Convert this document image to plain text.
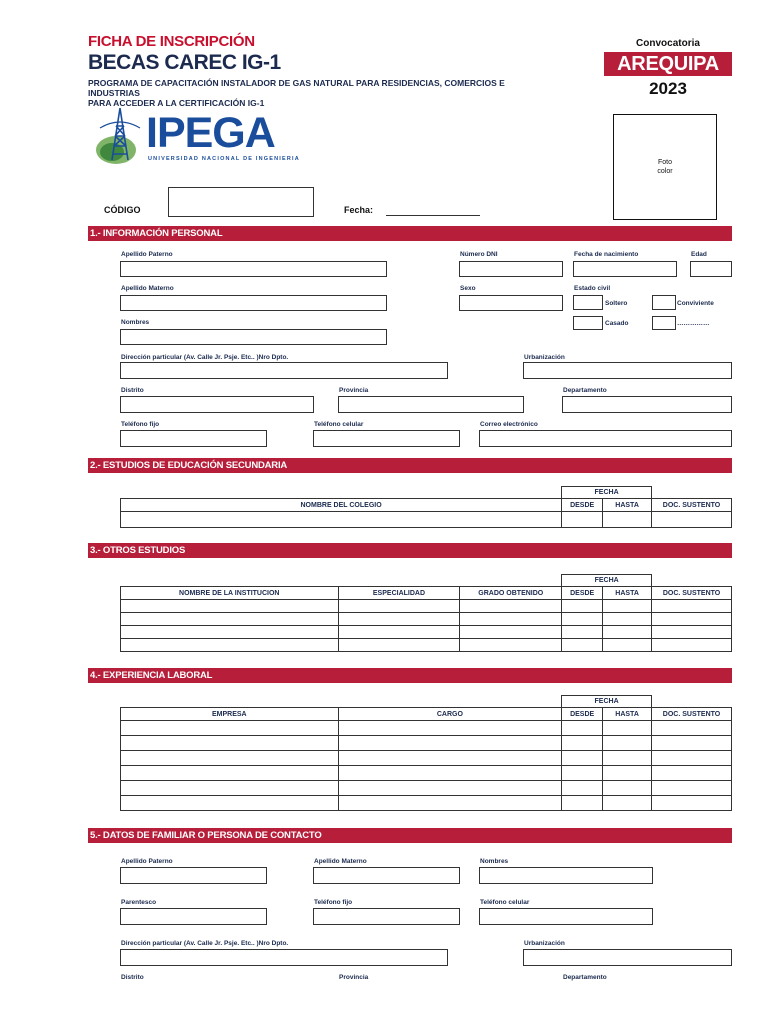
FICHA DE INSCRIPCIÓN
BECAS CAREC IG-1
PROGRAMA DE CAPACITACIÓN INSTALADOR DE GAS NATURAL PARA RESIDENCIAS, COMERCIOS E INDUSTRIAS
PARA ACCEDER A LA CERTIFICACIÓN IG-1
Convocatoria
AREQUIPA
2023
Foto
color
IPEGA
UNIVERSIDAD NACIONAL DE INGENIERIA
CÓDIGO	Fecha:
1.- INFORMACIÓN PERSONAL
Apellido Paterno	Número DNI	Fecha de nacimiento	Edad
Apellido Materno	Sexo	Estado civil
Soltero	Conviviente
Nombres	Casado	……………
Dirección particular (Av. Calle Jr. Psje. Etc.. )Nro Dpto.	Urbanización
Distrito	Provincia	Departamento
Teléfono fijo	Teléfono celular	Correo electrónico
2.- ESTUDIOS DE EDUCACIÓN SECUNDARIA
	FECHA		
NOMBRE DEL COLEGIO	DESDE	HASTA	DOC. SUSTENTO

3.- OTROS ESTUDIOS
			FECHA		
NOMBRE DE LA INSTITUCION	ESPECIALIDAD	GRADO OBTENIDO	DESDE	HASTA	DOC. SUSTENTO

4.- EXPERIENCIA LABORAL
		FECHA		
EMPRESA	CARGO	DESDE	HASTA	DOC. SUSTENTO

5.- DATOS DE FAMILIAR O PERSONA DE CONTACTO
Apellido Paterno	Apellido Materno	Nombres
Parentesco	Teléfono fijo	Teléfono celular
Dirección particular (Av. Calle Jr. Psje. Etc.. )Nro Dpto.	Urbanización
Distrito	Provincia	Departamento
